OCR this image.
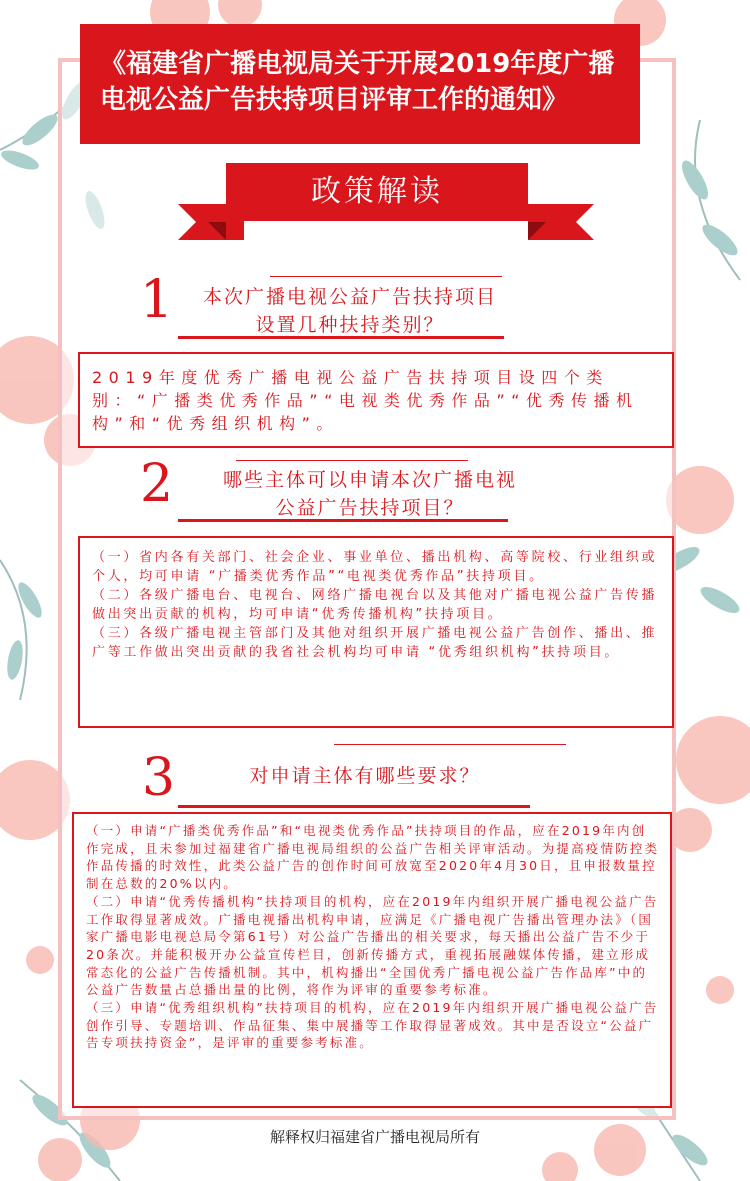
《福建省广播电视局关于开展2019年度广播电视公益广告扶持项目评审工作的通知》
政策解读
1	本次广播电视公益广告扶持项目
设置几种扶持类别？

2019年度优秀广播电视公益广告扶持项目设四个类别：“广播类优秀作品”“电视类优秀作品”“优秀传播机构”和“优秀组织机构”。

2	哪些主体可以申请本次广播电视
公益广告扶持项目？

（一）省内各有关部门、社会企业、事业单位、播出机构、高等院校、行业组织或个人，均可申请 “广播类优秀作品”“电视类优秀作品”扶持项目。

（二）各级广播电台、电视台、网络广播电视台以及其他对广播电视公益广告传播做出突出贡献的机构，均可申请“优秀传播机构”扶持项目。

（三）各级广播电视主管部门及其他对组织开展广播电视公益广告创作、播出、推广等工作做出突出贡献的我省社会机构均可申请 “优秀组织机构”扶持项目。

3	对申请主体有哪些要求？

（一）申请“广播类优秀作品”和“电视类优秀作品”扶持项目的作品，应在2019年内创作完成，且未参加过福建省广播电视局组织的公益广告相关评审活动。为提高疫情防控类作品传播的时效性，此类公益广告的创作时间可放宽至2020年4月30日，且申报数量控制在总数的20%以内。

（二）申请“优秀传播机构”扶持项目的机构，应在2019年内组织开展广播电视公益广告工作取得显著成效。广播电视播出机构申请，应满足《广播电视广告播出管理办法》（国家广播电影电视总局令第61号）对公益广告播出的相关要求，每天播出公益广告不少于20条次。并能积极开办公益宣传栏目，创新传播方式，重视拓展融媒体传播，建立形成常态化的公益广告传播机制。其中，机构播出“全国优秀广播电视公益广告作品库”中的公益广告数量占总播出量的比例，将作为评审的重要参考标准。

（三）申请“优秀组织机构”扶持项目的机构，应在2019年内组织开展广播电视公益广告创作引导、专题培训、作品征集、集中展播等工作取得显著成效。其中是否设立“公益广告专项扶持资金”，是评审的重要参考标准。

解释权归福建省广播电视局所有
